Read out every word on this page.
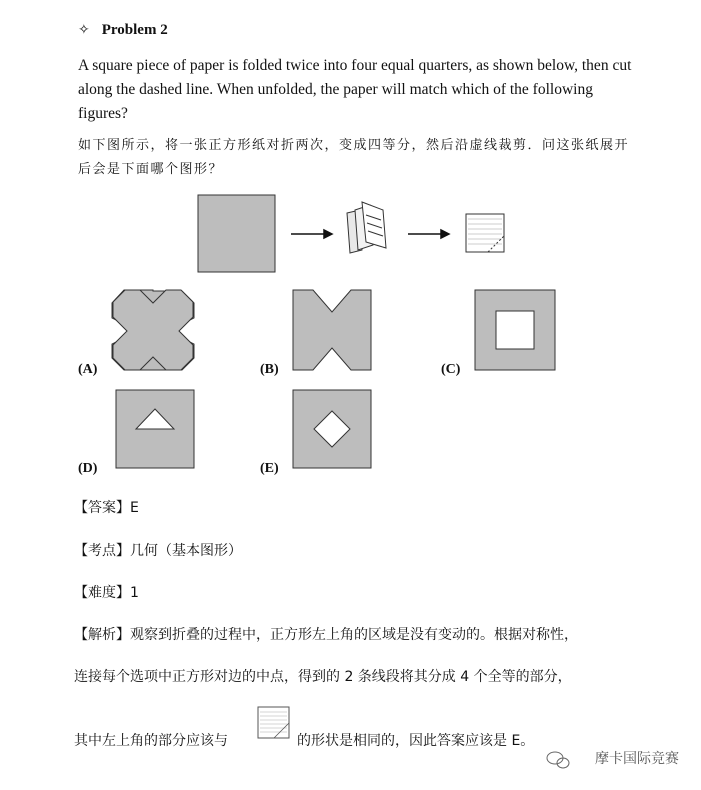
✧ Problem 2
A square piece of paper is folded twice into four equal quarters, as shown below, then cut along the dashed line. When unfolded, the paper will match which of the following figures?
如下图所示，将一张正方形纸对折两次，变成四等分，然后沿虚线裁剪．问这张纸展开后会是下面哪个图形？
(A)	(B)	(C)
(D)	(E)
【答案】E
【考点】几何（基本图形）
【难度】1
【解析】观察到折叠的过程中，正方形左上角的区域是没有变动的。根据对称性，
连接每个选项中正方形对边的中点，得到的 2 条线段将其分成 4 个全等的部分，
其中左上角的部分应该与	的形状是相同的，因此答案应该是 E。
摩卡国际竞赛
